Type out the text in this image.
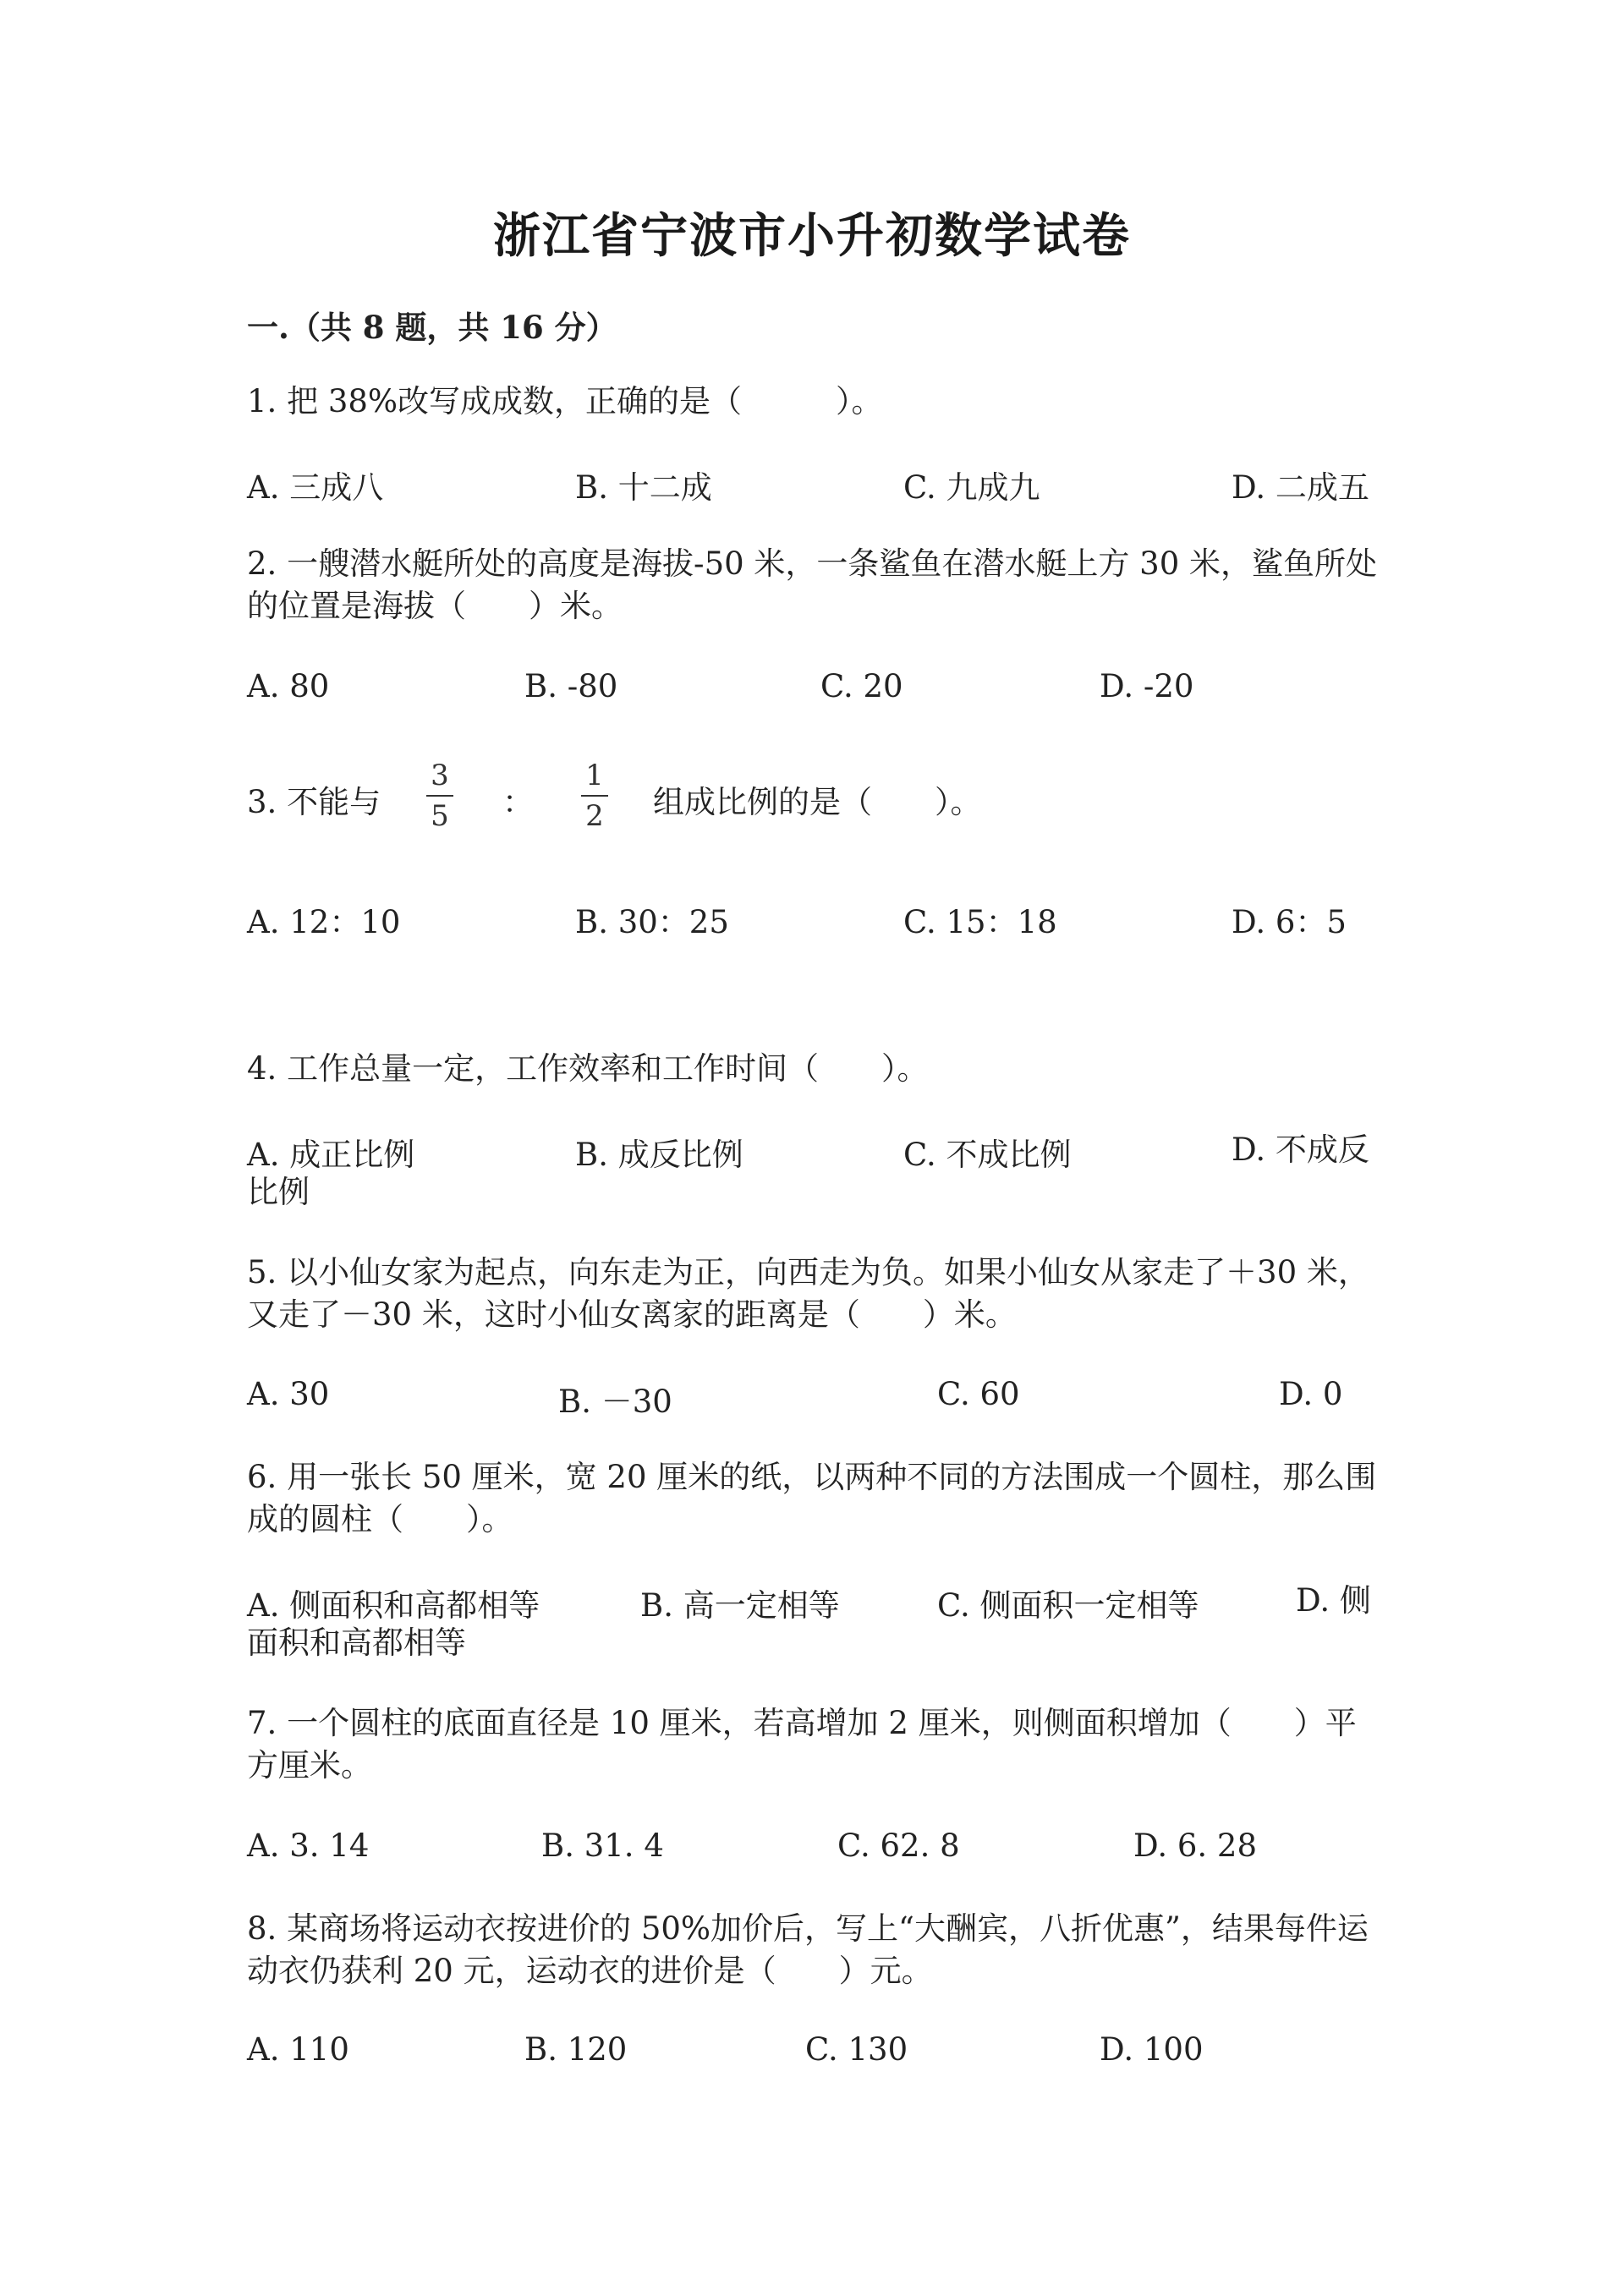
浙江省宁波市小升初数学试卷
一.（共 8 题，共 16 分）
1. 把 38%改写成成数，正确的是（　　　）。
A. 三成八	B. 十二成	C. 九成九	D. 二成五
2. 一艘潜水艇所处的高度是海拔-50 米，一条鲨鱼在潜水艇上方 30 米，鲨鱼所处的位置是海拔（　　）米。
A. 80	B. -80	C. 20	D. -20
3. 不能与
3
5 ：
1
2 组成比例的是（　　）。
A. 12：10	B. 30：25	C. 15：18	D. 6：5
4. 工作总量一定，工作效率和工作时间（　　）。
A. 成正比例	B. 成反比例	C. 不成比例	D. 不成反比例
5. 以小仙女家为起点，向东走为正，向西走为负。如果小仙女从家走了＋30 米，又走了－30 米，这时小仙女离家的距离是（　　）米。
A. 30	B. －30	C. 60	D. 0
6. 用一张长 50 厘米，宽 20 厘米的纸，以两种不同的方法围成一个圆柱，那么围成的圆柱（　　）。
A. 侧面积和高都相等	B. 高一定相等	C. 侧面积一定相等	D. 侧面积和高都相等
7. 一个圆柱的底面直径是 10 厘米，若高增加 2 厘米，则侧面积增加（　　）平方厘米。
A. 3. 14	B. 31. 4	C. 62. 8	D. 6. 28
8. 某商场将运动衣按进价的 50%加价后，写上“大酬宾，八折优惠”，结果每件运动衣仍获利 20 元，运动衣的进价是（　　）元。
A. 110	B. 120	C. 130	D. 100
